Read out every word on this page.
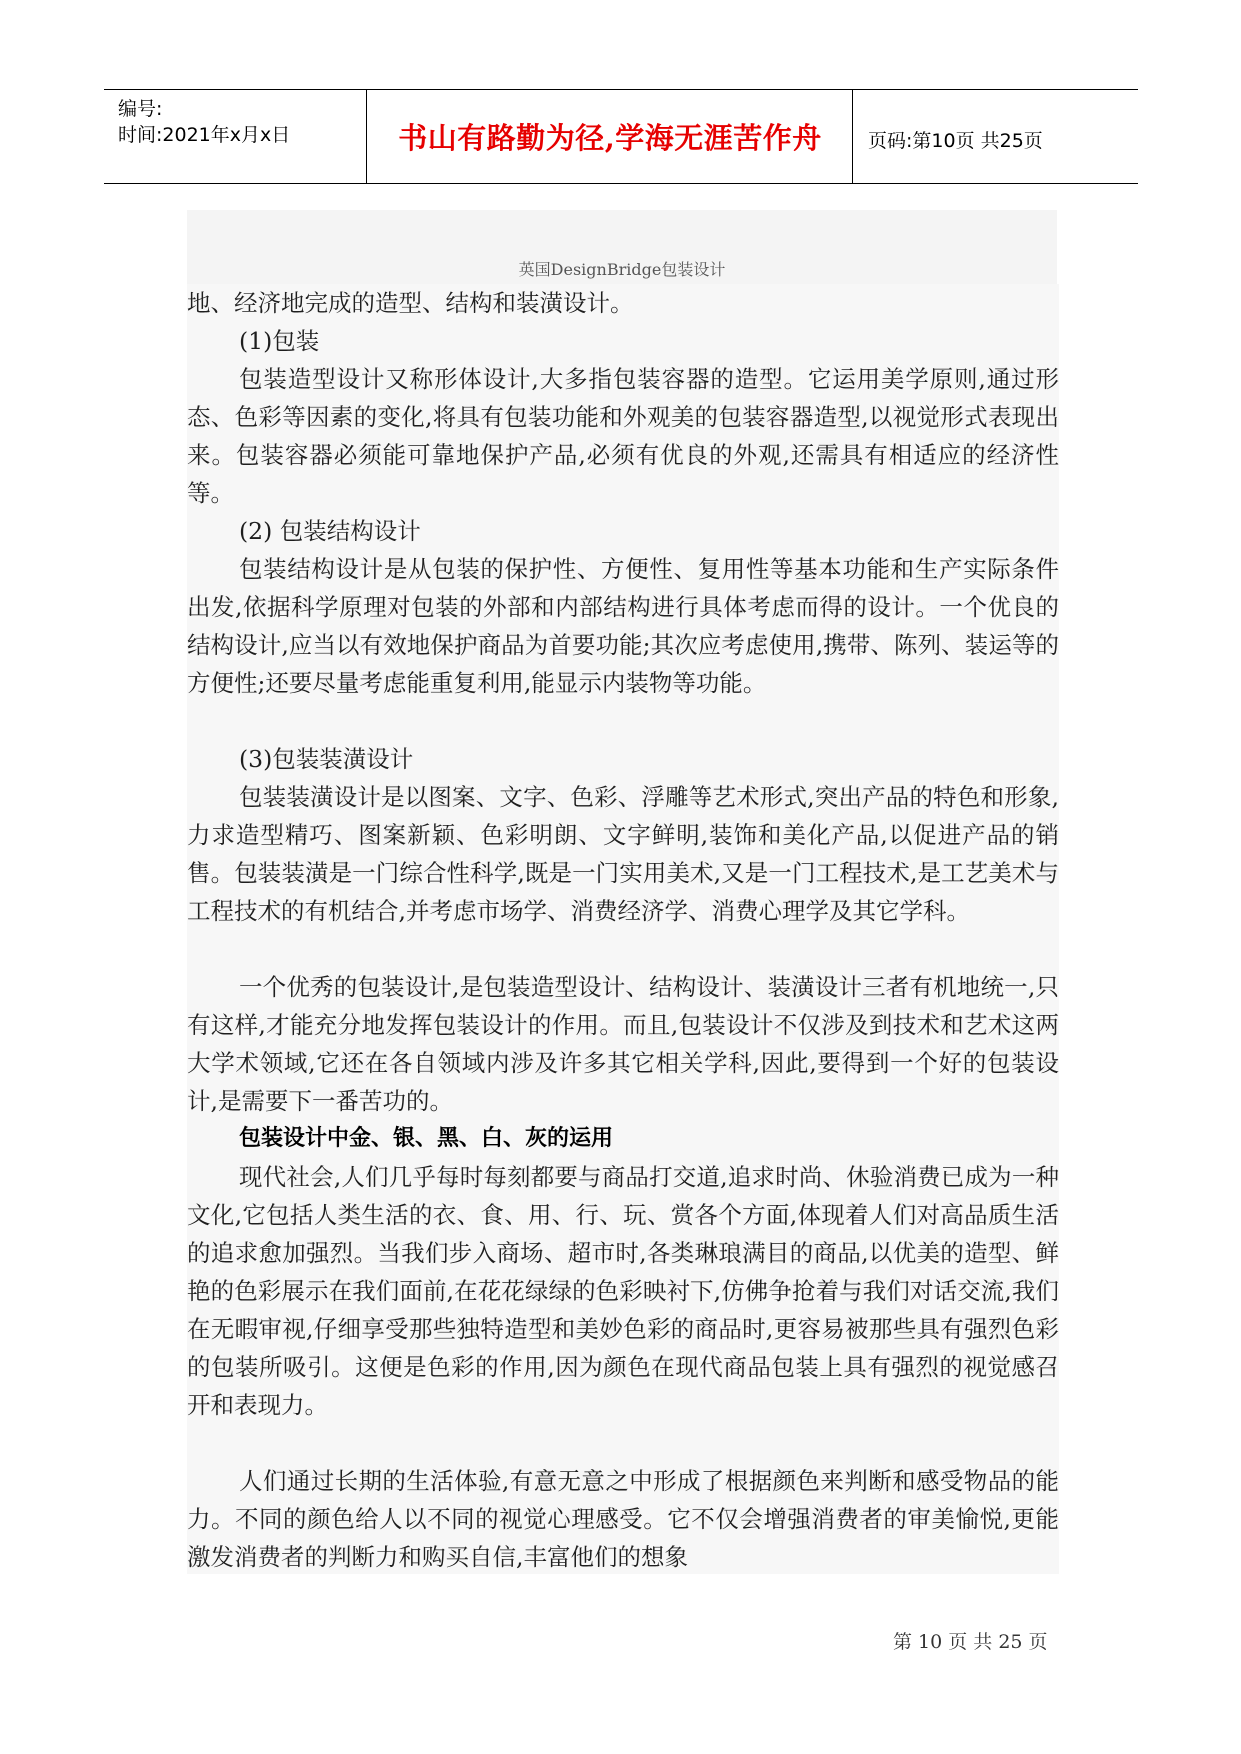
编号:
时间:2021年x月x日	书山有路勤为径,学海无涯苦作舟	页码:第10页 共25页
英国DesignBridge包装设计

地、经济地完成的造型、结构和装潢设计。

(1)包装

包装造型设计又称形体设计,大多指包装容器的造型。它运用美学原则,通过形态、色彩等因素的变化,将具有包装功能和外观美的包装容器造型,以视觉形式表现出来。包装容器必须能可靠地保护产品,必须有优良的外观,还需具有相适应的经济性等。

(2) 包装结构设计

包装结构设计是从包装的保护性、方便性、复用性等基本功能和生产实际条件出发,依据科学原理对包装的外部和内部结构进行具体考虑而得的设计。一个优良的结构设计,应当以有效地保护商品为首要功能;其次应考虑使用,携带、陈列、装运等的方便性;还要尽量考虑能重复利用,能显示内装物等功能。

(3)包装装潢设计

包装装潢设计是以图案、文字、色彩、浮雕等艺术形式,突出产品的特色和形象,力求造型精巧、图案新颖、色彩明朗、文字鲜明,装饰和美化产品,以促进产品的销售。包装装潢是一门综合性科学,既是一门实用美术,又是一门工程技术,是工艺美术与工程技术的有机结合,并考虑市场学、消费经济学、消费心理学及其它学科。

一个优秀的包装设计,是包装造型设计、结构设计、装潢设计三者有机地统一,只有这样,才能充分地发挥包装设计的作用。而且,包装设计不仅涉及到技术和艺术这两大学术领域,它还在各自领域内涉及许多其它相关学科,因此,要得到一个好的包装设计,是需要下一番苦功的。

包装设计中金、银、黑、白、灰的运用

现代社会,人们几乎每时每刻都要与商品打交道,追求时尚、休验消费已成为一种文化,它包括人类生活的衣、食、用、行、玩、赏各个方面,体现着人们对高品质生活的追求愈加强烈。当我们步入商场、超市时,各类琳琅满目的商品,以优美的造型、鲜艳的色彩展示在我们面前,在花花绿绿的色彩映衬下,仿佛争抢着与我们对话交流,我们在无暇审视,仔细享受那些独特造型和美妙色彩的商品时,更容易被那些具有强烈色彩的包装所吸引。这便是色彩的作用,因为颜色在现代商品包装上具有强烈的视觉感召开和表现力。

人们通过长期的生活体验,有意无意之中形成了根据颜色来判断和感受物品的能力。不同的颜色给人以不同的视觉心理感受。它不仅会增强消费者的审美愉悦,更能激发消费者的判断力和购买自信,丰富他们的想象

第 10 页 共 25 页
